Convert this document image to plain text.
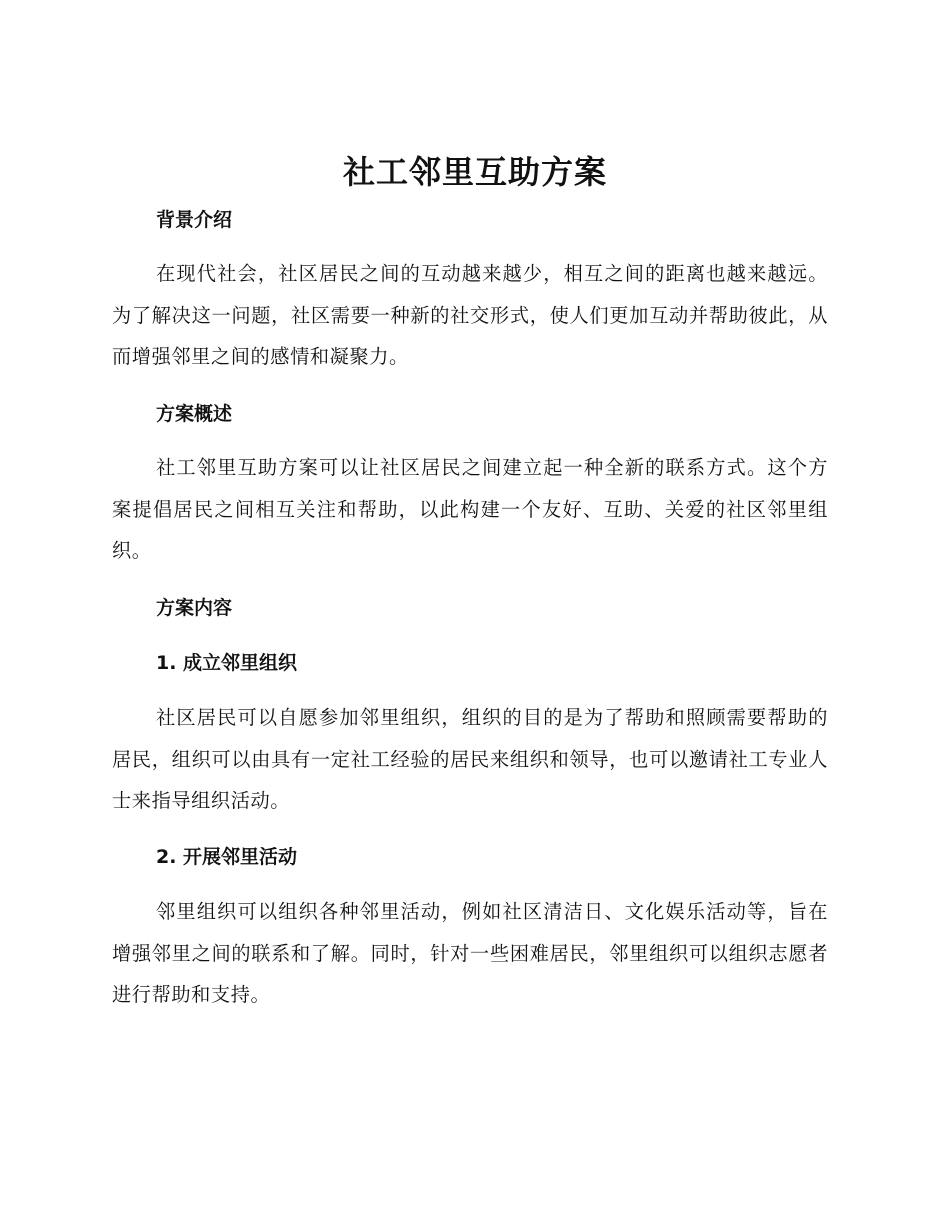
社工邻里互助方案
背景介绍

在现代社会，社区居民之间的互动越来越少，相互之间的距离也越来越远。为了解决这一问题，社区需要一种新的社交形式，使人们更加互动并帮助彼此，从而增强邻里之间的感情和凝聚力。

方案概述

社工邻里互助方案可以让社区居民之间建立起一种全新的联系方式。这个方案提倡居民之间相互关注和帮助，以此构建一个友好、互助、关爱的社区邻里组织。

方案内容
1. 成立邻里组织

社区居民可以自愿参加邻里组织，组织的目的是为了帮助和照顾需要帮助的居民，组织可以由具有一定社工经验的居民来组织和领导，也可以邀请社工专业人士来指导组织活动。

2. 开展邻里活动

邻里组织可以组织各种邻里活动，例如社区清洁日、文化娱乐活动等，旨在增强邻里之间的联系和了解。同时，针对一些困难居民，邻里组织可以组织志愿者进行帮助和支持。
